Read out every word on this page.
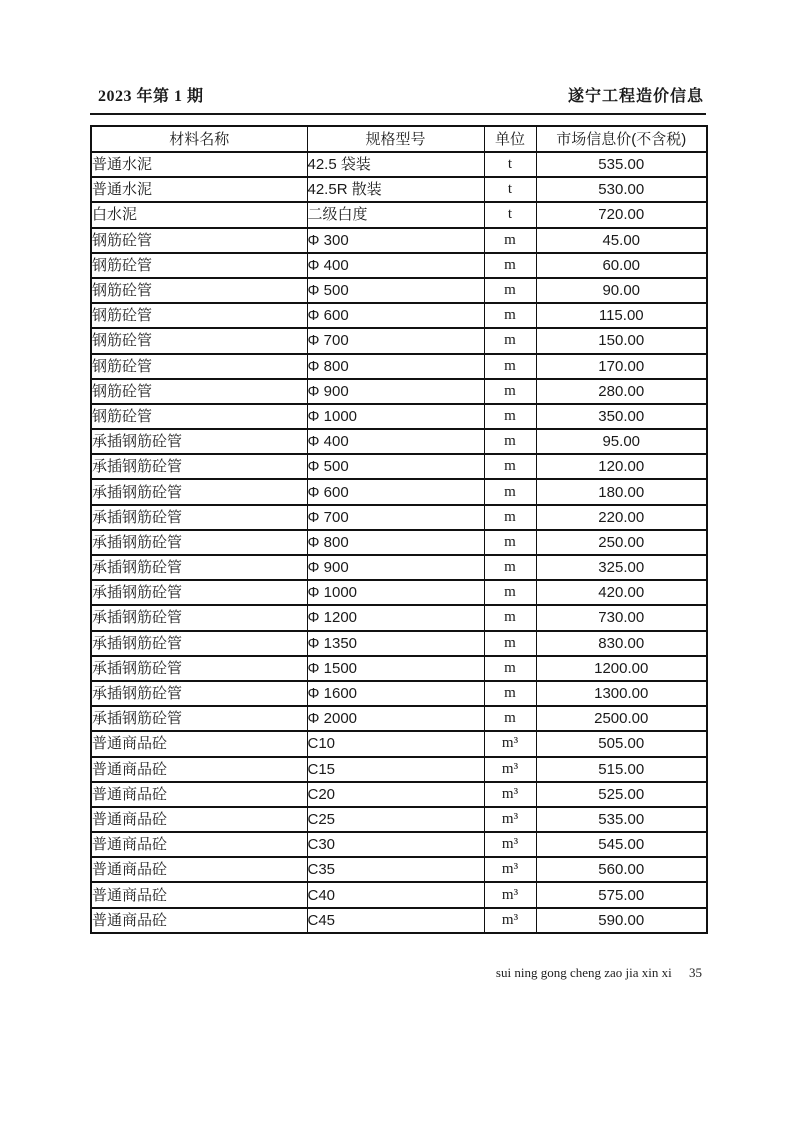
2023 年第 1 期	遂宁工程造价信息
材料名称	规格型号	单位	市场信息价(不含税)
普通水泥	42.5 袋装	t	535.00
普通水泥	42.5R 散装	t	530.00
白水泥	二级白度	t	720.00
钢筋砼管	Φ 300	m	45.00
钢筋砼管	Φ 400	m	60.00
钢筋砼管	Φ 500	m	90.00
钢筋砼管	Φ 600	m	115.00
钢筋砼管	Φ 700	m	150.00
钢筋砼管	Φ 800	m	170.00
钢筋砼管	Φ 900	m	280.00
钢筋砼管	Φ 1000	m	350.00
承插钢筋砼管	Φ 400	m	95.00
承插钢筋砼管	Φ 500	m	120.00
承插钢筋砼管	Φ 600	m	180.00
承插钢筋砼管	Φ 700	m	220.00
承插钢筋砼管	Φ 800	m	250.00
承插钢筋砼管	Φ 900	m	325.00
承插钢筋砼管	Φ 1000	m	420.00
承插钢筋砼管	Φ 1200	m	730.00
承插钢筋砼管	Φ 1350	m	830.00
承插钢筋砼管	Φ 1500	m	1200.00
承插钢筋砼管	Φ 1600	m	1300.00
承插钢筋砼管	Φ 2000	m	2500.00
普通商品砼	C10	m³	505.00
普通商品砼	C15	m³	515.00
普通商品砼	C20	m³	525.00
普通商品砼	C25	m³	535.00
普通商品砼	C30	m³	545.00
普通商品砼	C35	m³	560.00
普通商品砼	C40	m³	575.00
普通商品砼	C45	m³	590.00
sui ning gong cheng zao jia xin xi 35
